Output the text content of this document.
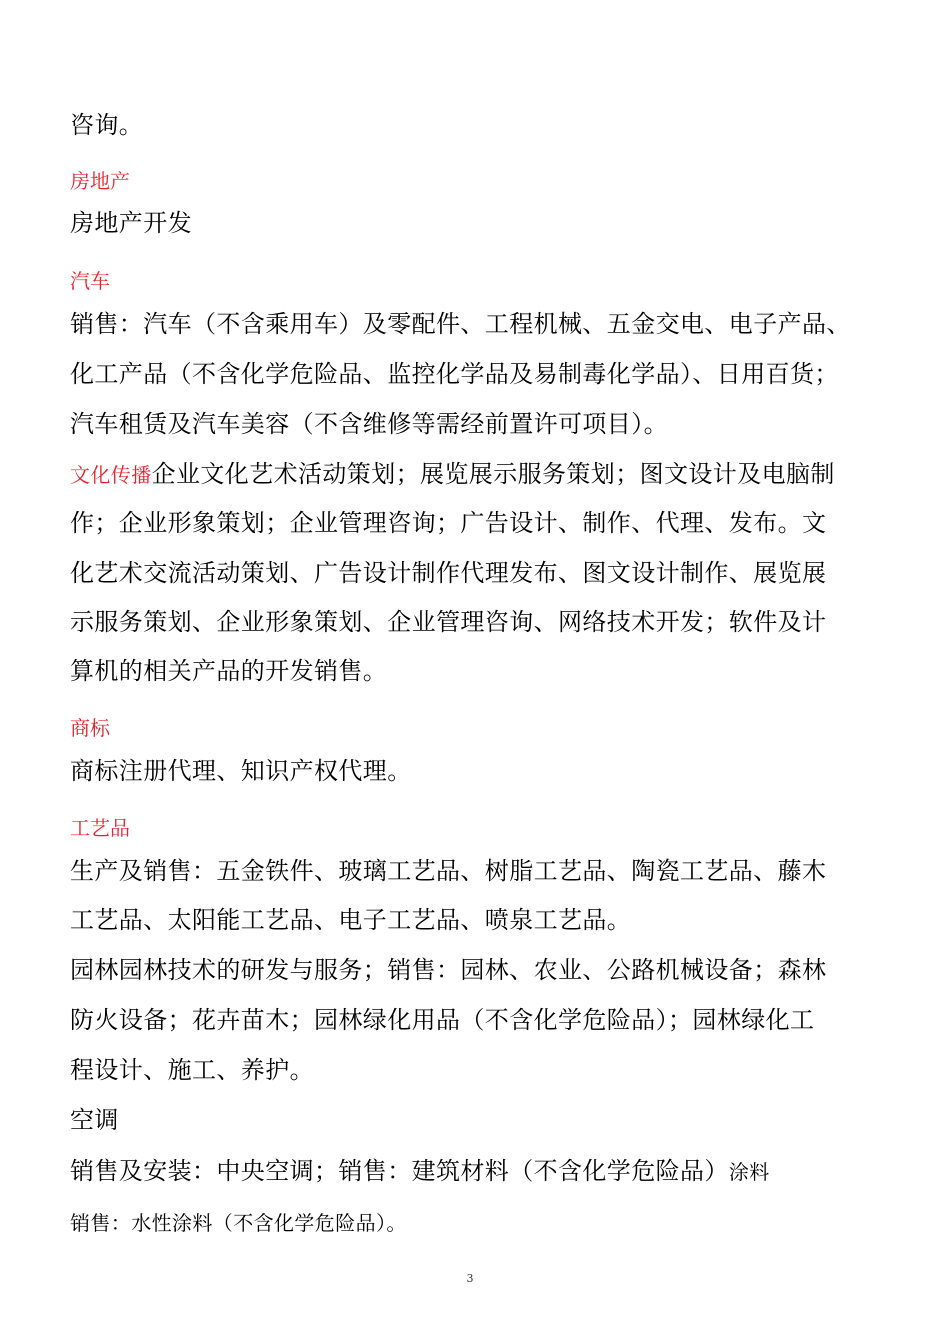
咨询。
房地产
房地产开发
汽车
销售：汽车（不含乘用车）及零配件、工程机械、五金交电、电子产品、
化工产品（不含化学危险品、监控化学品及易制毒化学品）、日用百货；
汽车租赁及汽车美容（不含维修等需经前置许可项目）。
文化传播企业文化艺术活动策划；展览展示服务策划；图文设计及电脑制
作；企业形象策划；企业管理咨询；广告设计、制作、代理、发布。文
化艺术交流活动策划、广告设计制作代理发布、图文设计制作、展览展
示服务策划、企业形象策划、企业管理咨询、网络技术开发；软件及计
算机的相关产品的开发销售。
商标
商标注册代理、知识产权代理。
工艺品
生产及销售：五金铁件、玻璃工艺品、树脂工艺品、陶瓷工艺品、藤木
工艺品、太阳能工艺品、电子工艺品、喷泉工艺品。
园林园林技术的研发与服务；销售：园林、农业、公路机械设备；森林
防火设备；花卉苗木；园林绿化用品（不含化学危险品）；园林绿化工
程设计、施工、养护。
空调
销售及安装：中央空调；销售：建筑材料（不含化学危险品）涂料
销售：水性涂料（不含化学危险品）。
3
